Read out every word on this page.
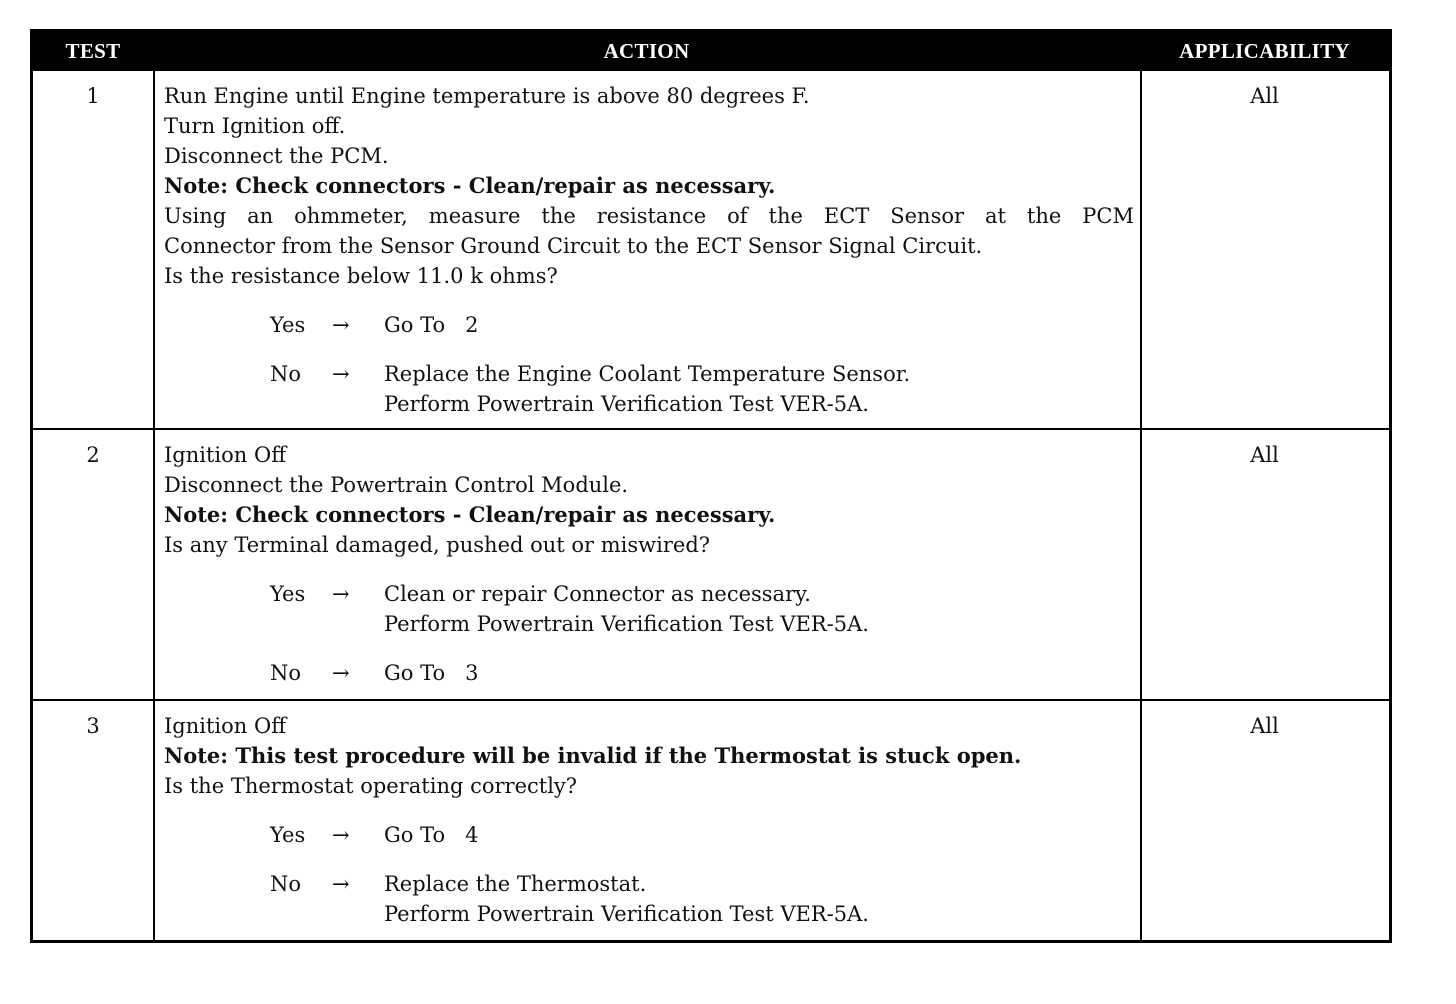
TEST	ACTION	APPLICABILITY
1	Run Engine until Engine temperature is above 80 degrees F.
Turn Ignition off.
Disconnect the PCM.
Note: Check connectors - Clean/repair as necessary.
Using an ohmmeter, measure the resistance of the ECT Sensor at the PCM
Connector from the Sensor Ground Circuit to the ECT Sensor Signal Circuit.
Is the resistance below 11.0 k ohms?
Yes → Go To   2
No → Replace the Engine Coolant Temperature Sensor.
Perform Powertrain Verification Test VER-5A.
All
2	Ignition Off
Disconnect the Powertrain Control Module.
Note: Check connectors - Clean/repair as necessary.
Is any Terminal damaged, pushed out or miswired?
Yes → Clean or repair Connector as necessary.
Perform Powertrain Verification Test VER-5A.
No → Go To   3
All
3	Ignition Off
Note: This test procedure will be invalid if the Thermostat is stuck open.
Is the Thermostat operating correctly?
Yes → Go To   4
No → Replace the Thermostat.
Perform Powertrain Verification Test VER-5A.
All
